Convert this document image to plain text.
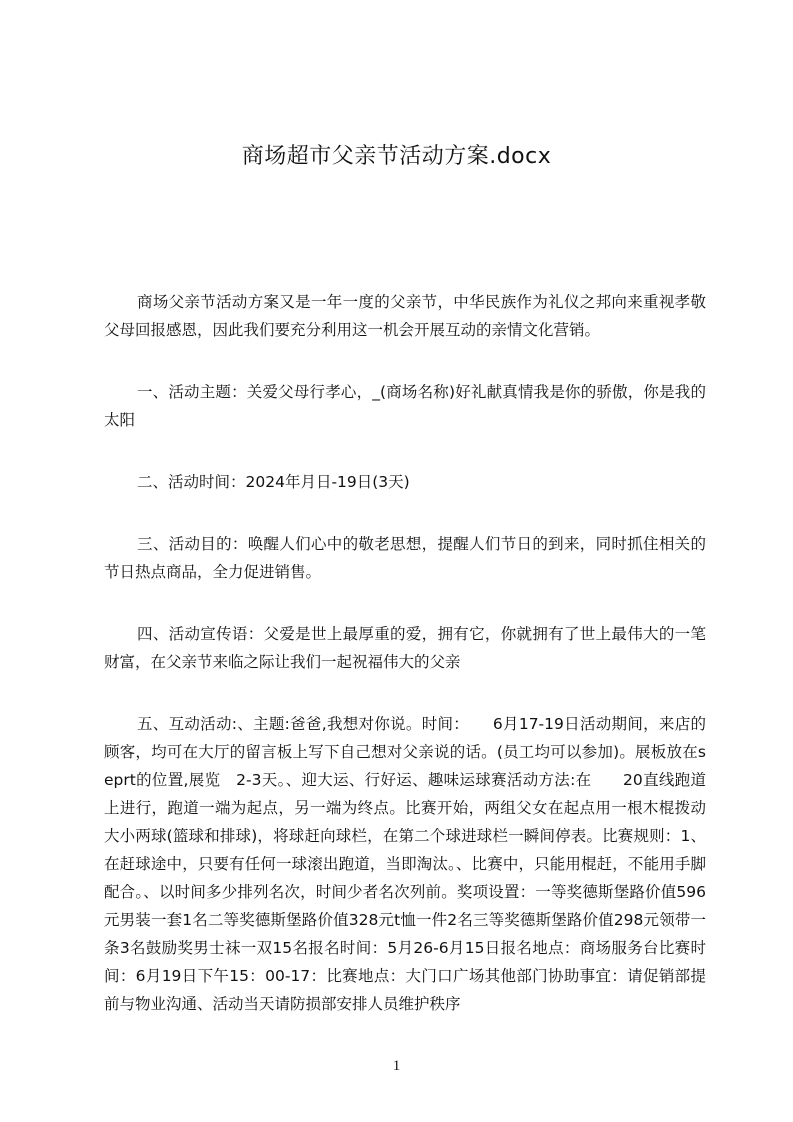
商场超市父亲节活动方案.docx

商场父亲节活动方案又是一年一度的父亲节，中华民族作为礼仪之邦向来重视孝敬父母回报感恩，因此我们要充分利用这一机会开展互动的亲情文化营销。

一、活动主题：关爱父母行孝心，_(商场名称)好礼献真情我是你的骄傲，你是我的太阳

二、活动时间：2024年月日-19日(3天)

三、活动目的：唤醒人们心中的敬老思想，提醒人们节日的到来，同时抓住相关的节日热点商品，全力促进销售。

四、活动宣传语：父爱是世上最厚重的爱，拥有它，你就拥有了世上最伟大的一笔财富，在父亲节来临之际让我们一起祝福伟大的父亲

五、互动活动:、主题:爸爸,我想对你说。时间：　　6月17-19日活动期间，来店的顾客，均可在大厅的留言板上写下自己想对父亲说的话。(员工均可以参加)。展板放在seprt的位置,展览　2-3天。、迎大运、行好运、趣味运球赛活动方法:在　　20直线跑道上进行，跑道一端为起点，另一端为终点。比赛开始，两组父女在起点用一根木棍拨动大小两球(篮球和排球)，将球赶向球栏，在第二个球进球栏一瞬间停表。比赛规则：1、在赶球途中，只要有任何一球滚出跑道，当即淘汰。、比赛中，只能用棍赶，不能用手脚配合。、以时间多少排列名次，时间少者名次列前。奖项设置：一等奖德斯堡路价值596元男装一套1名二等奖德斯堡路价值328元t恤一件2名三等奖德斯堡路价值298元领带一条3名鼓励奖男士袜一双15名报名时间：5月26-6月15日报名地点：商场服务台比赛时间：6月19日下午15：00-17：比赛地点：大门口广场其他部门协助事宜：请促销部提前与物业沟通、活动当天请防损部安排人员维护秩序

1
